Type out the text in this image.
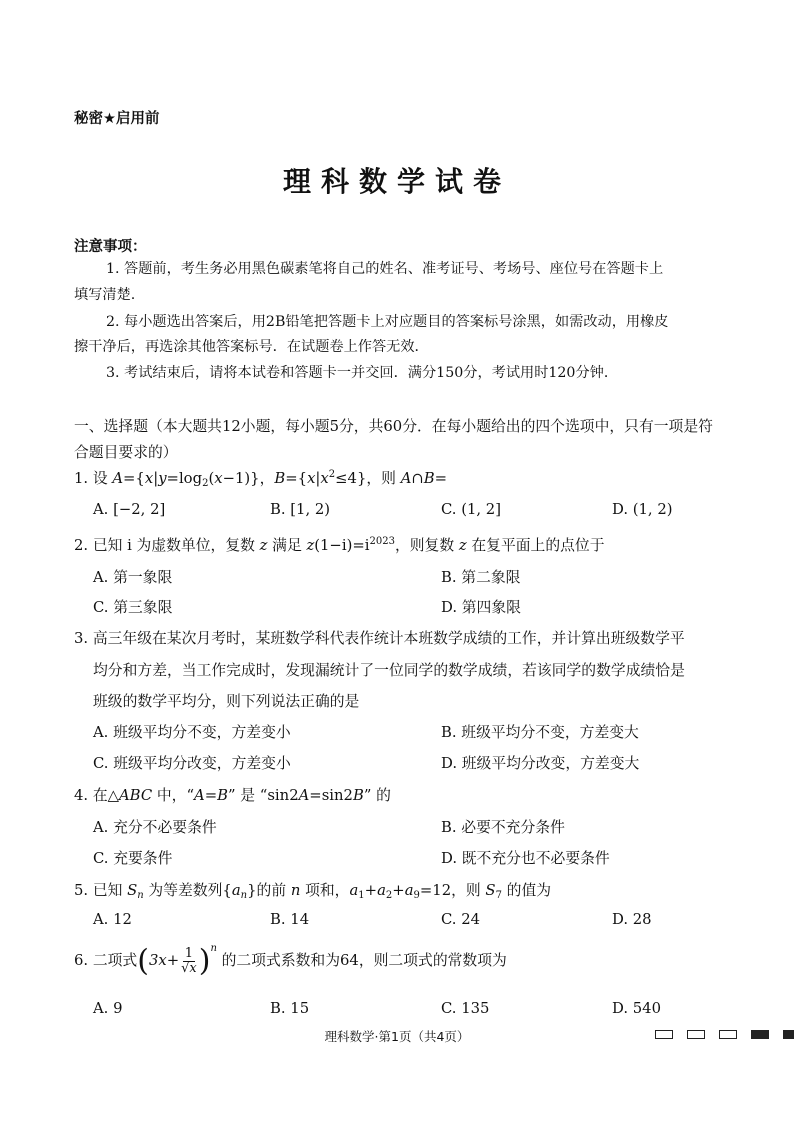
秘密★启用前
理科数学试卷
注意事项：
1. 答题前，考生务必用黑色碳素笔将自己的姓名、准考证号、考场号、座位号在答题卡上
填写清楚.
2. 每小题选出答案后，用2B铅笔把答题卡上对应题目的答案标号涂黑，如需改动，用橡皮
擦干净后，再选涂其他答案标号．在试题卷上作答无效．
3. 考试结束后，请将本试卷和答题卡一并交回．满分150分，考试用时120分钟．
一、选择题（本大题共12小题，每小题5分，共60分．在每小题给出的四个选项中，只有一项是符
合题目要求的）
1. 设 $A=\{x|y=\log_2(x-1)\}$，$B=\{x|x^2\le 4\}$，则 A∩B=
A. [−2, 2]	B. [1, 2)	C. (1, 2]	D. (1, 2)
2. 已知 i 为虚数单位，复数 z 满足 $z(1-i)=i^{2023}$，则复数 z 在复平面上的点位于
A. 第一象限	B. 第二象限
C. 第三象限	D. 第四象限
3. 高三年级在某次月考时，某班数学科代表作统计本班数学成绩的工作，并计算出班级数学平
均分和方差，当工作完成时，发现漏统计了一位同学的数学成绩，若该同学的数学成绩恰是
班级的数学平均分，则下列说法正确的是
A. 班级平均分不变，方差变小	B. 班级平均分不变，方差变大
C. 班级平均分改变，方差变小	D. 班级平均分改变，方差变大
4. 在△ABC 中，“A=B” 是 “sin2A=sin2B” 的
A. 充分不必要条件	B. 必要不充分条件
C. 充要条件	D. 既不充分也不必要条件
5. 已知 $S_n$ 为等差数列$\{a_n\}$的前 n 项和，$a_1+a_2+a_9=12$，则 $S_7$ 的值为
A. 12	B. 14	C. 24	D. 28
6. 二项式$(3x+ \frac{1}{√x} )^n$ 的二项式系数和为64，则二项式的常数项为
A. 9	B. 15	C. 135	D. 540
理科数学·第1页（共4页）
